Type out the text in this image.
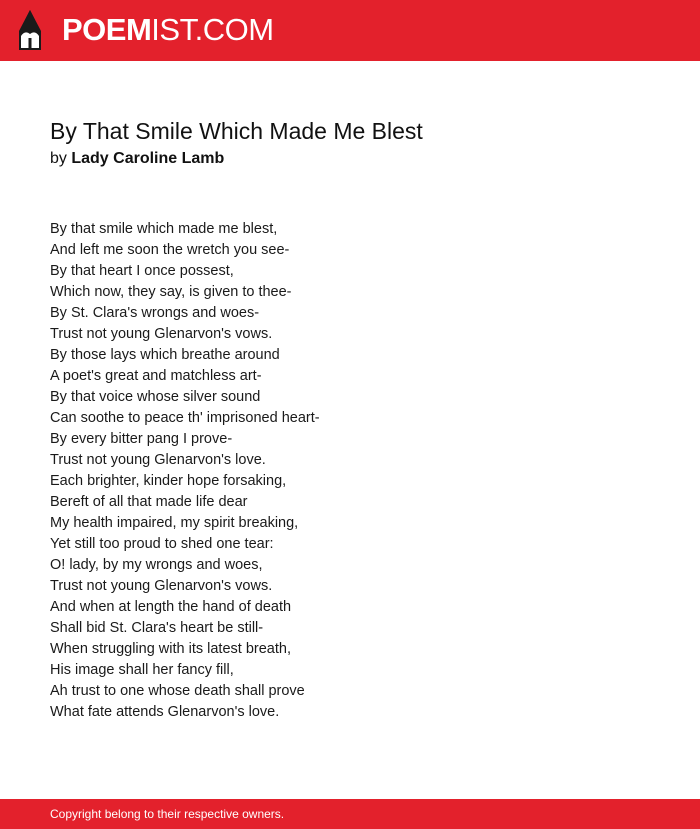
POEMIST.COM
By That Smile Which Made Me Blest
by Lady Caroline Lamb
By that smile which made me blest,
And left me soon the wretch you see-
By that heart I once possest,
Which now, they say, is given to thee-
By St. Clara's wrongs and woes-
Trust not young Glenarvon's vows.
By those lays which breathe around
A poet's great and matchless art-
By that voice whose silver sound
Can soothe to peace th' imprisoned heart-
By every bitter pang I prove-
Trust not young Glenarvon's love.
Each brighter, kinder hope forsaking,
Bereft of all that made life dear
My health impaired, my spirit breaking,
Yet still too proud to shed one tear:
O! lady, by my wrongs and woes,
Trust not young Glenarvon's vows.
And when at length the hand of death
Shall bid St. Clara's heart be still-
When struggling with its latest breath,
His image shall her fancy fill,
Ah trust to one whose death shall prove
What fate attends Glenarvon's love.
Copyright belong to their respective owners.
